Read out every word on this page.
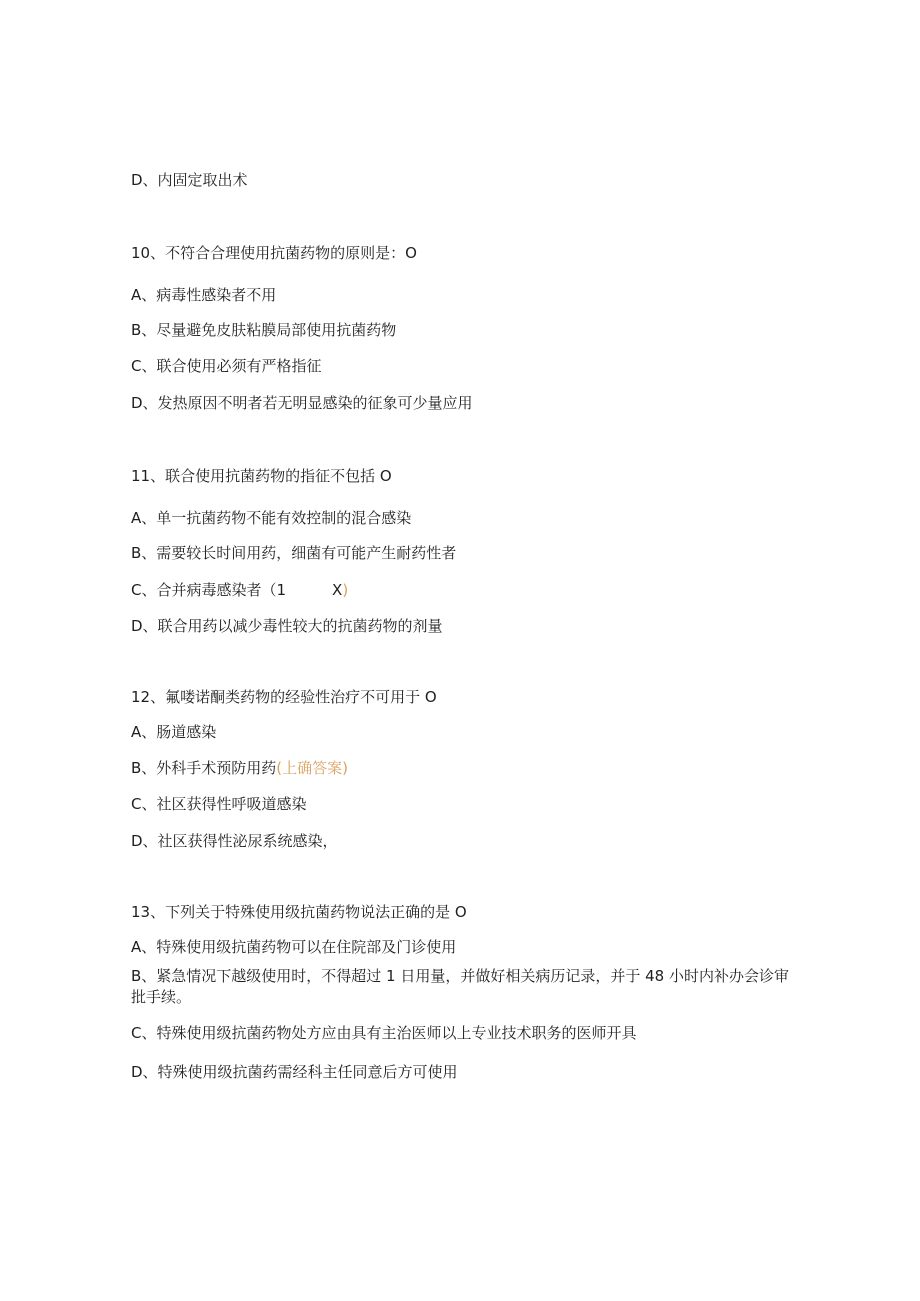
D、内固定取出术
10、不符合合理使用抗菌药物的原则是：O
A、病毒性感染者不用
B、尽量避免皮肤粘膜局部使用抗菌药物
C、联合使用必须有严格指征
D、发热原因不明者若无明显感染的征象可少量应用
11、联合使用抗菌药物的指征不包括 O
A、单一抗菌药物不能有效控制的混合感染
B、需要较长时间用药，细菌有可能产生耐药性者
C、合并病毒感染者（1	X)
D、联合用药以减少毒性较大的抗菌药物的剂量
12、氟喽诺酮类药物的经验性治疗不可用于 O
A、肠道感染
B、外科手术预防用药(上确答案)
C、社区获得性呼吸道感染
D、社区获得性泌尿系统感染，
13、下列关于特殊使用级抗菌药物说法正确的是 O
A、特殊使用级抗菌药物可以在住院部及门诊使用
B、紧急情况下越级使用时，不得超过 1 日用量，并做好相关病历记录，并于 48 小时内补办会诊审批手续。
C、特殊使用级抗菌药物处方应由具有主治医师以上专业技术职务的医师开具
D、特殊使用级抗菌药需经科主任同意后方可使用
